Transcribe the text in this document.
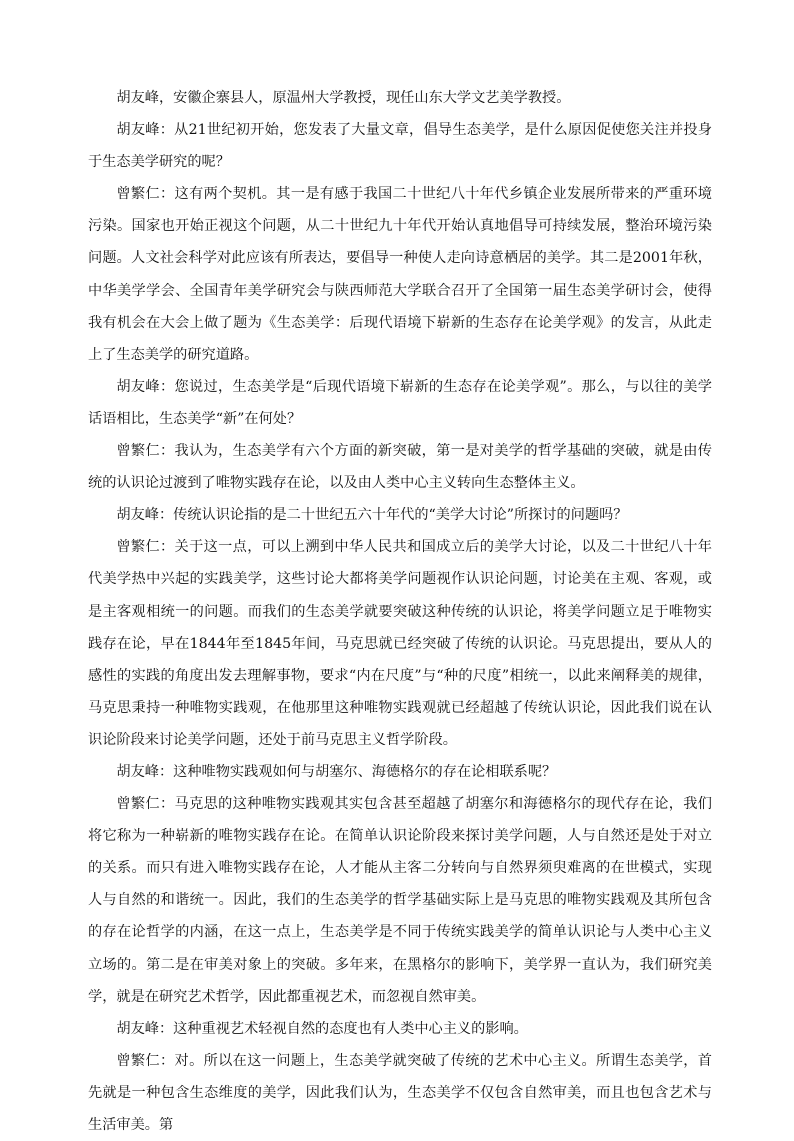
胡友峰，安徽企寨县人，原温州大学教授，现任山东大学文艺美学教授。

胡友峰：从21世纪初开始，您发表了大量文章，倡导生态美学，是什么原因促使您关注并投身于生态美学研究的呢？

曾繁仁：这有两个契机。其一是有感于我国二十世纪八十年代乡镇企业发展所带来的严重环境污染。国家也开始正视这个问题，从二十世纪九十年代开始认真地倡导可持续发展，整治环境污染问题。人文社会科学对此应该有所表达，要倡导一种使人走向诗意栖居的美学。其二是2001年秋，中华美学学会、全国青年美学研究会与陕西师范大学联合召开了全国第一届生态美学研讨会，使得我有机会在大会上做了题为《生态美学：后现代语境下崭新的生态存在论美学观》的发言，从此走上了生态美学的研究道路。

胡友峰：您说过，生态美学是“后现代语境下崭新的生态存在论美学观”。那么，与以往的美学话语相比，生态美学“新”在何处？

曾繁仁：我认为，生态美学有六个方面的新突破，第一是对美学的哲学基础的突破，就是由传统的认识论过渡到了唯物实践存在论，以及由人类中心主义转向生态整体主义。

胡友峰：传统认识论指的是二十世纪五六十年代的“美学大讨论”所探讨的问题吗？

曾繁仁：关于这一点，可以上溯到中华人民共和国成立后的美学大讨论，以及二十世纪八十年代美学热中兴起的实践美学，这些讨论大都将美学问题视作认识论问题，讨论美在主观、客观，或是主客观相统一的问题。而我们的生态美学就要突破这种传统的认识论，将美学问题立足于唯物实践存在论，早在1844年至1845年间，马克思就已经突破了传统的认识论。马克思提出，要从人的感性的实践的角度出发去理解事物，要求“内在尺度”与“种的尺度”相统一，以此来阐释美的规律，马克思秉持一种唯物实践观，在他那里这种唯物实践观就已经超越了传统认识论，因此我们说在认识论阶段来讨论美学问题，还处于前马克思主义哲学阶段。

胡友峰：这种唯物实践观如何与胡塞尔、海德格尔的存在论相联系呢？

曾繁仁：马克思的这种唯物实践观其实包含甚至超越了胡塞尔和海德格尔的现代存在论，我们将它称为一种崭新的唯物实践存在论。在简单认识论阶段来探讨美学问题，人与自然还是处于对立的关系。而只有进入唯物实践存在论，人才能从主客二分转向与自然界须臾难离的在世模式，实现人与自然的和谐统一。因此，我们的生态美学的哲学基础实际上是马克思的唯物实践观及其所包含的存在论哲学的内涵，在这一点上，生态美学是不同于传统实践美学的简单认识论与人类中心主义立场的。第二是在审美对象上的突破。多年来，在黑格尔的影响下，美学界一直认为，我们研究美学，就是在研究艺术哲学，因此都重视艺术，而忽视自然审美。

胡友峰：这种重视艺术轻视自然的态度也有人类中心主义的影响。

曾繁仁：对。所以在这一问题上，生态美学就突破了传统的艺术中心主义。所谓生态美学，首先就是一种包含生态维度的美学，因此我们认为，生态美学不仅包含自然审美，而且也包含艺术与生活审美。第
